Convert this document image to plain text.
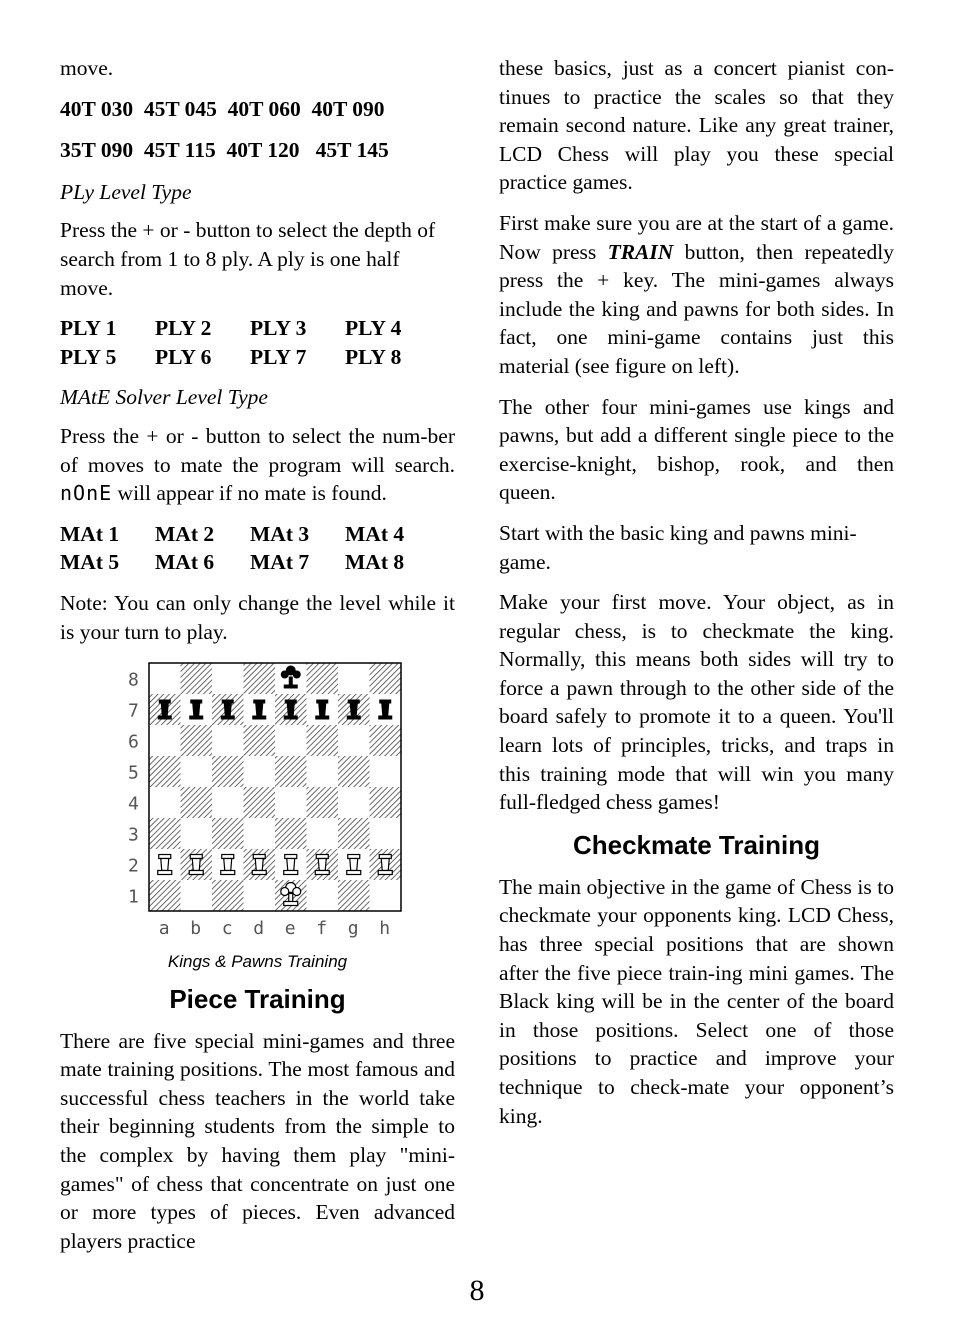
move.

40T 030  45T 045  40T 060  40T 090
35T 090  45T 115  40T 120   45T 145
PLy Level Type

Press the + or - button to select the depth of search from 1 to 8 ply. A ply is one half move.

PLY 1	PLY 2	PLY 3	PLY 4
PLY 5	PLY 6	PLY 7	PLY 8
MAtE Solver Level Type

Press the + or - button to select the num-ber of moves to mate the program will search. nOnE will appear if no mate is found.

MAt 1	MAt 2	MAt 3	MAt 4
MAt 5	MAt 6	MAt 7	MAt 8

Note: You can only change the level while it is your turn to play.

8
7
6
5
4
3
2
1
a b c d e f g h
Kings & Pawns Training
Piece Training

There are five special mini-games and three mate training positions. The most famous and successful chess teachers in the world take their beginning students from the simple to the complex by having them play "mini-games" of chess that concentrate on just one or more types of pieces. Even advanced players practice

these basics, just as a concert pianist con-tinues to practice the scales so that they remain second nature. Like any great trainer, LCD Chess will play you these special practice games.

First make sure you are at the start of a game. Now press TRAIN button, then repeatedly press the + key. The mini-games always include the king and pawns for both sides. In fact, one mini-game contains just this material (see figure on left).

The other four mini-games use kings and pawns, but add a different single piece to the exercise-knight, bishop, rook, and then queen.

Start with the basic king and pawns mini-game.

Make your first move. Your object, as in regular chess, is to checkmate the king. Normally, this means both sides will try to force a pawn through to the other side of the board safely to promote it to a queen. You'll learn lots of principles, tricks, and traps in this training mode that will win you many full-fledged chess games!

Checkmate Training

The main objective in the game of Chess is to checkmate your opponents king. LCD Chess, has three special positions that are shown after the five piece train-ing mini games. The Black king will be in the center of the board in those positions. Select one of those positions to practice and improve your technique to check-mate your opponent’s king.

8
